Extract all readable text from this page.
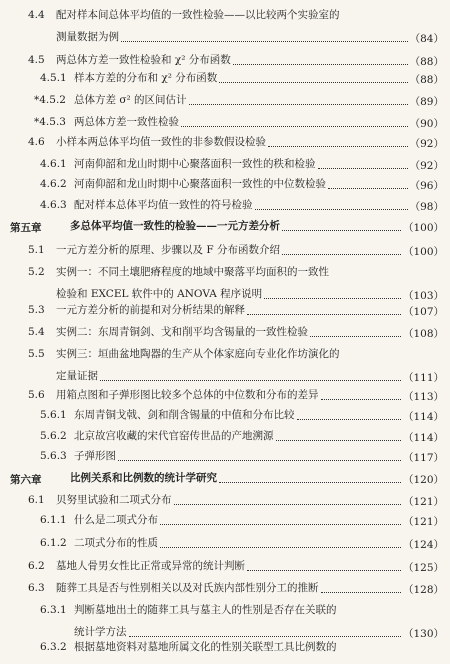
4.4 配对样本间总体平均值的一致性检验——以比较两个实验室的
测量数据为例	（84）
4.5 两总体方差一致性检验和 χ² 分布函数	（88）
4.5.1 样本方差的分布和 χ² 分布函数	（88）
*4.5.2 总体方差 σ² 的区间估计	（89）
*4.5.3 两总体方差一致性检验	（90）
4.6 小样本两总体平均值一致性的非参数假设检验	（92）
4.6.1 河南仰韶和龙山时期中心聚落面积一致性的秩和检验	（92）
4.6.2 河南仰韶和龙山时期中心聚落面积一致性的中位数检验	（96）
4.6.3 配对样本总体平均值一致性的符号检验	（98）
第五章	多总体平均值一致性的检验——一元方差分析	（100）
5.1 一元方差分析的原理、步骤以及 F 分布函数介绍	（100）
5.2 实例一：不同土壤肥瘠程度的地域中聚落平均面积的一致性
检验和 EXCEL 软件中的 ANOVA 程序说明	（103）
5.3 一元方差分析的前提和对分析结果的解释	（107）
5.4 实例二：东周青铜剑、戈和削平均含锡量的一致性检验	（108）
5.5 实例三：垣曲盆地陶器的生产从个体家庭向专业化作坊演化的
定量证据	（111）
5.6 用箱点图和子弹形图比较多个总体的中位数和分布的差异	（113）
5.6.1 东周青铜戈戟、剑和削含锡量的中值和分布比较	（114）
5.6.2 北京故宫收藏的宋代官窑传世品的产地溯源	（114）
5.6.3 子弹形图	（117）
第六章	比例关系和比例数的统计学研究	（120）
6.1 贝努里试验和二项式分布	（121）
6.1.1 什么是二项式分布	（121）
6.1.2 二项式分布的性质	（124）
6.2 墓地人骨男女性比正常或异常的统计判断	（125）
6.3 随葬工具是否与性别相关以及对氏族内部性别分工的推断	（128）
6.3.1 判断墓地出土的随葬工具与墓主人的性别是否存在关联的
统计学方法	（130）
6.3.2 根据墓地资料对墓地所属文化的性别关联型工具比例数的
